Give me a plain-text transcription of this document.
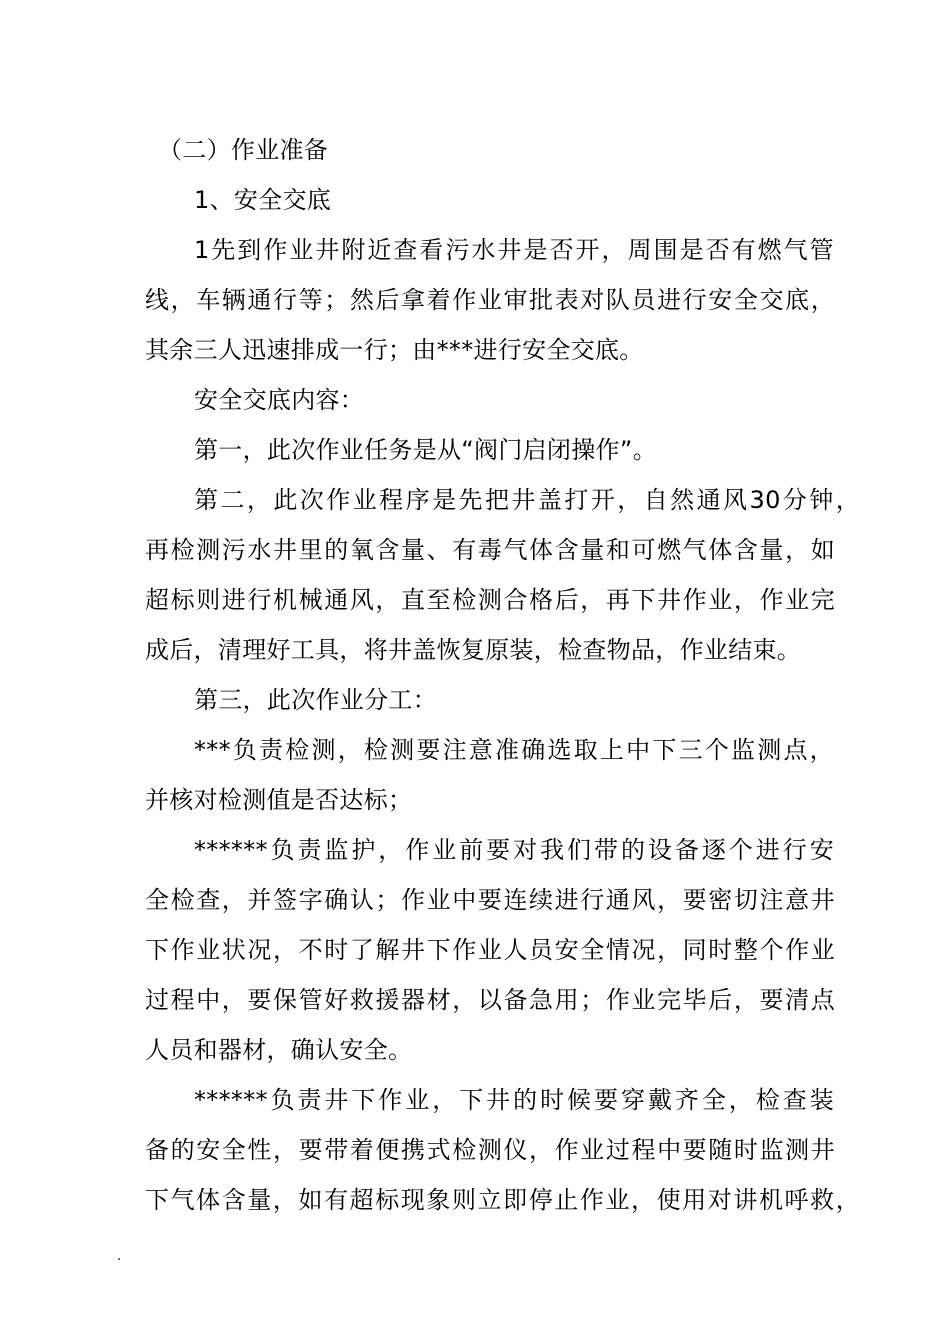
（二）作业准备
1、安全交底
1先到作业井附近查看污水井是否开，周围是否有燃气管
线，车辆通行等；然后拿着作业审批表对队员进行安全交底，
其余三人迅速排成一行；由***进行安全交底。
安全交底内容：
第一，此次作业任务是从“阀门启闭操作”。
第二，此次作业程序是先把井盖打开，自然通风30分钟，
再检测污水井里的氧含量、有毒气体含量和可燃气体含量，如
超标则进行机械通风，直至检测合格后，再下井作业，作业完
成后，清理好工具，将井盖恢复原装，检查物品，作业结束。
第三，此次作业分工：
***负责检测，检测要注意准确选取上中下三个监测点，
并核对检测值是否达标；
******负责监护，作业前要对我们带的设备逐个进行安
全检查，并签字确认；作业中要连续进行通风，要密切注意井
下作业状况，不时了解井下作业人员安全情况，同时整个作业
过程中，要保管好救援器材，以备急用；作业完毕后，要清点
人员和器材，确认安全。
******负责井下作业，下井的时候要穿戴齐全，检查装
备的安全性，要带着便携式检测仪，作业过程中要随时监测井
下气体含量，如有超标现象则立即停止作业，使用对讲机呼救，
